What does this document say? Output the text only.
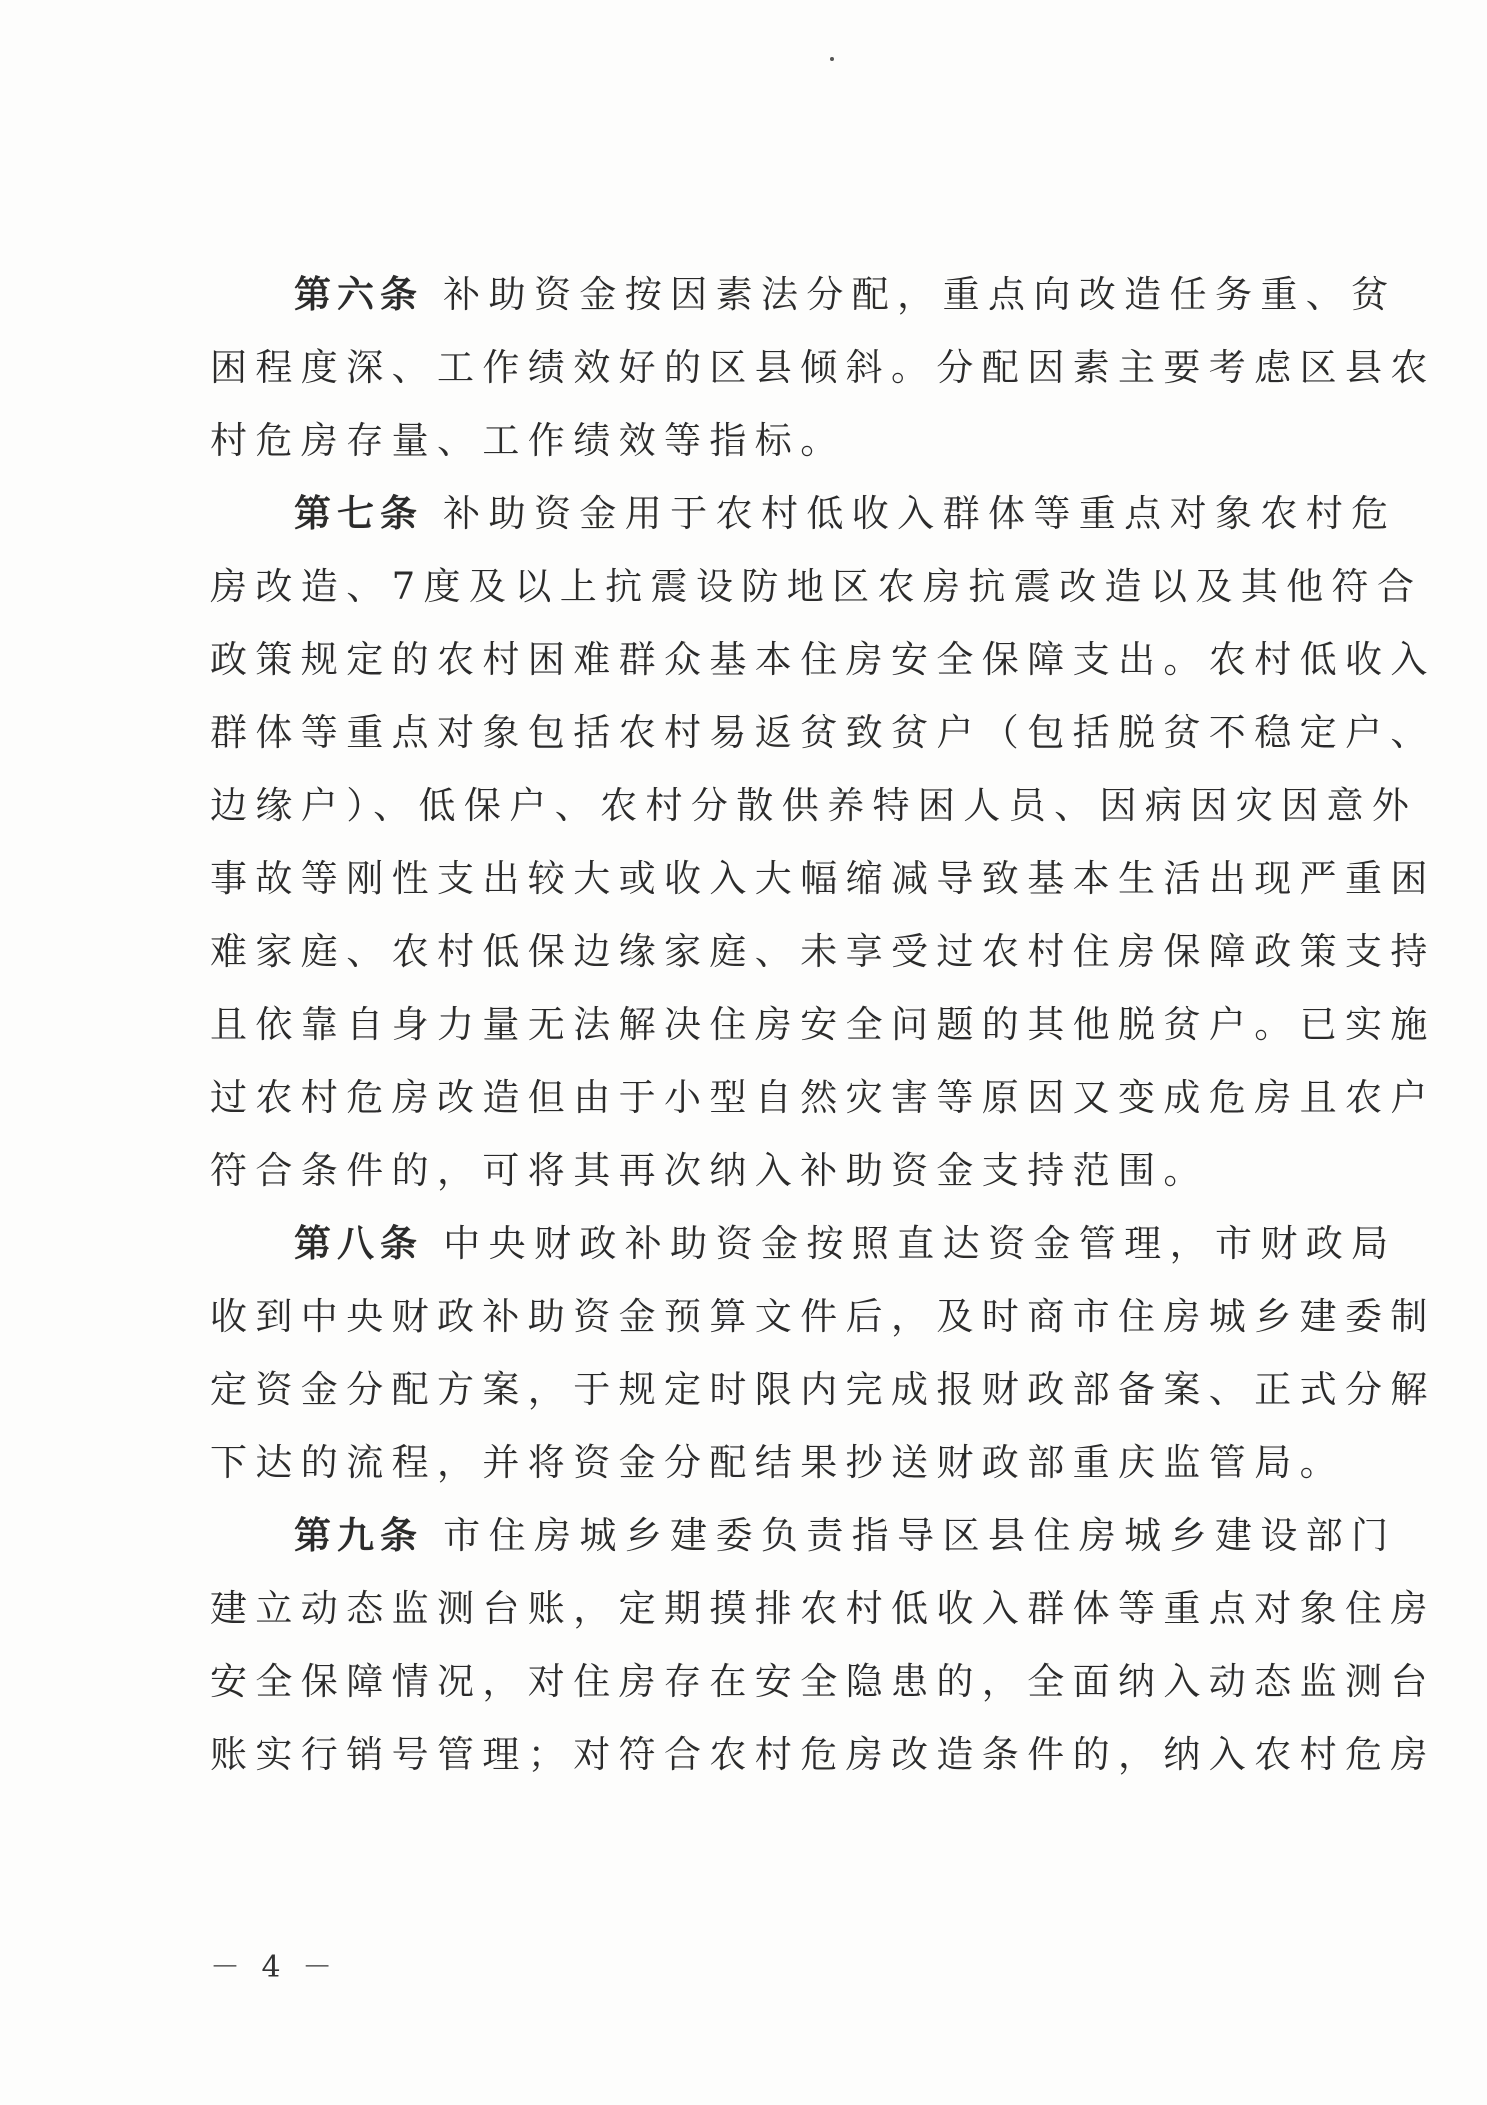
第六条 补助资金按因素法分配，重点向改造任务重、贫
困程度深、工作绩效好的区县倾斜。分配因素主要考虑区县农
村危房存量、工作绩效等指标。
第七条 补助资金用于农村低收入群体等重点对象农村危
房改造、7度及以上抗震设防地区农房抗震改造以及其他符合
政策规定的农村困难群众基本住房安全保障支出。农村低收入
群体等重点对象包括农村易返贫致贫户（包括脱贫不稳定户、
边缘户）、低保户、农村分散供养特困人员、因病因灾因意外
事故等刚性支出较大或收入大幅缩减导致基本生活出现严重困
难家庭、农村低保边缘家庭、未享受过农村住房保障政策支持
且依靠自身力量无法解决住房安全问题的其他脱贫户。已实施
过农村危房改造但由于小型自然灾害等原因又变成危房且农户
符合条件的，可将其再次纳入补助资金支持范围。
第八条 中央财政补助资金按照直达资金管理，市财政局
收到中央财政补助资金预算文件后，及时商市住房城乡建委制
定资金分配方案，于规定时限内完成报财政部备案、正式分解
下达的流程，并将资金分配结果抄送财政部重庆监管局。
第九条 市住房城乡建委负责指导区县住房城乡建设部门
建立动态监测台账，定期摸排农村低收入群体等重点对象住房
安全保障情况，对住房存在安全隐患的，全面纳入动态监测台
账实行销号管理；对符合农村危房改造条件的，纳入农村危房
－ 4 －
